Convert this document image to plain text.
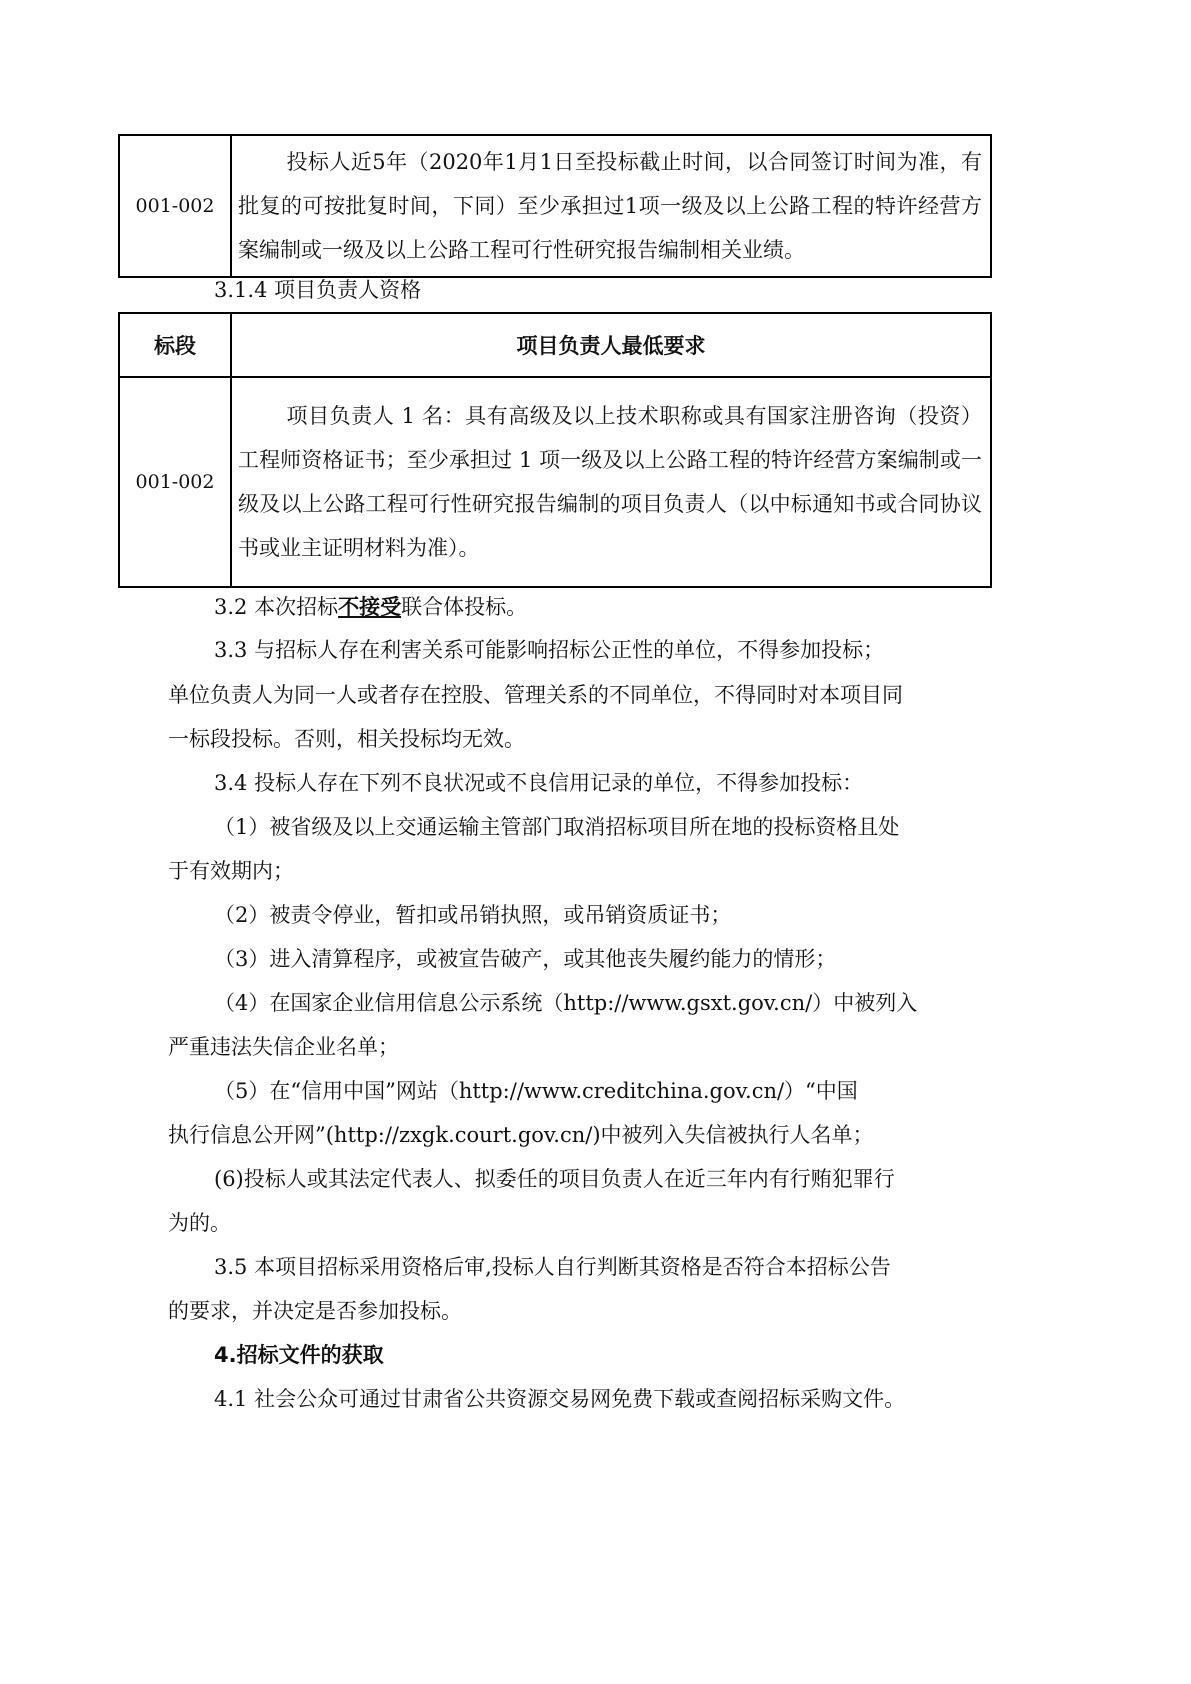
001-002	投标人近5年（2020年1月1日至投标截止时间，以合同签订时间为准，有批复的可按批复时间，下同）至少承担过1项一级及以上公路工程的特许经营方案编制或一级及以上公路工程可行性研究报告编制相关业绩。
3.1.4 项目负责人资格
标段	项目负责人最低要求
001-002	项目负责人 1 名：具有高级及以上技术职称或具有国家注册咨询（投资）工程师资格证书；至少承担过 1 项一级及以上公路工程的特许经营方案编制或一级及以上公路工程可行性研究报告编制的项目负责人（以中标通知书或合同协议书或业主证明材料为准）。
3.2 本次招标不接受联合体投标。
3.3 与招标人存在利害关系可能影响招标公正性的单位，不得参加投标；
单位负责人为同一人或者存在控股、管理关系的不同单位，不得同时对本项目同
一标段投标。否则，相关投标均无效。
3.4 投标人存在下列不良状况或不良信用记录的单位，不得参加投标：
（1）被省级及以上交通运输主管部门取消招标项目所在地的投标资格且处
于有效期内；
（2）被责令停业，暂扣或吊销执照，或吊销资质证书；
（3）进入清算程序，或被宣告破产，或其他丧失履约能力的情形；
（4）在国家企业信用信息公示系统（http://www.gsxt.gov.cn/）中被列入
严重违法失信企业名单；
（5）在“信用中国”网站（http://www.creditchina.gov.cn/）“中国
执行信息公开网”(http://zxgk.court.gov.cn/)中被列入失信被执行人名单；
(6)投标人或其法定代表人、拟委任的项目负责人在近三年内有行贿犯罪行
为的。
3.5 本项目招标采用资格后审,投标人自行判断其资格是否符合本招标公告
的要求，并决定是否参加投标。
4.招标文件的获取
4.1 社会公众可通过甘肃省公共资源交易网免费下载或查阅招标采购文件。
